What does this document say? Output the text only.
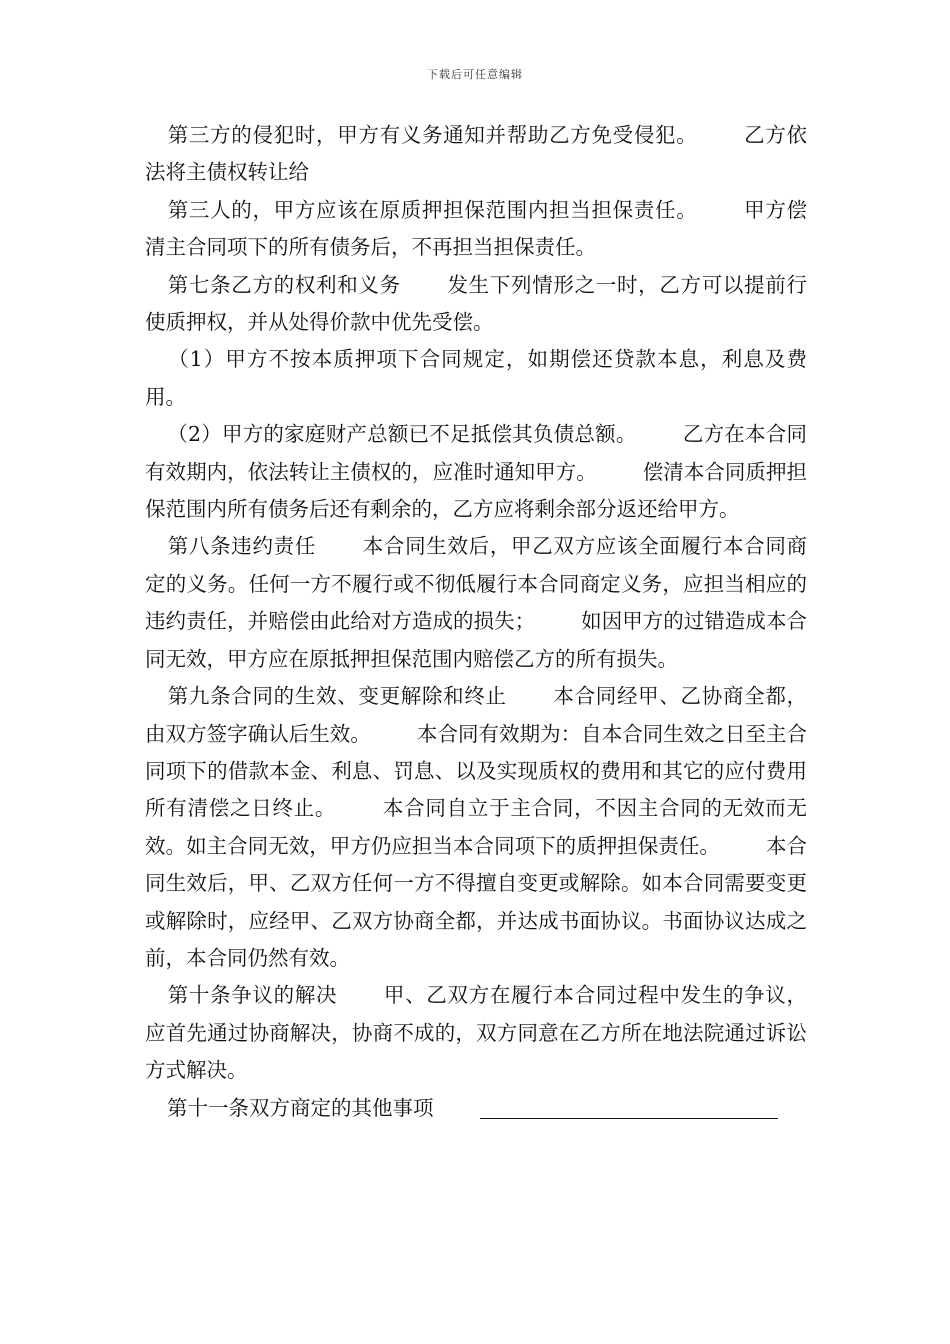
下载后可任意编辑

第三方的侵犯时，甲方有义务通知并帮助乙方免受侵犯。 乙方依法将主债权转让给

第三人的，甲方应该在原质押担保范围内担当担保责任。 甲方偿清主合同项下的所有债务后，不再担当担保责任。

第七条乙方的权利和义务 发生下列情形之一时，乙方可以提前行使质押权，并从处得价款中优先受偿。

（1）甲方不按本质押项下合同规定，如期偿还贷款本息，利息及费用。

（2）甲方的家庭财产总额已不足抵偿其负债总额。 乙方在本合同有效期内，依法转让主债权的，应准时通知甲方。 偿清本合同质押担保范围内所有债务后还有剩余的，乙方应将剩余部分返还给甲方。

第八条违约责任 本合同生效后，甲乙双方应该全面履行本合同商定的义务。任何一方不履行或不彻低履行本合同商定义务，应担当相应的违约责任，并赔偿由此给对方造成的损失； 如因甲方的过错造成本合同无效，甲方应在原抵押担保范围内赔偿乙方的所有损失。

第九条合同的生效、变更解除和终止 本合同经甲、乙协商全都，由双方签字确认后生效。 本合同有效期为：自本合同生效之日至主合同项下的借款本金、利息、罚息、以及实现质权的费用和其它的应付费用所有清偿之日终止。 本合同自立于主合同，不因主合同的无效而无效。如主合同无效，甲方仍应担当本合同项下的质押担保责任。 本合同生效后，甲、乙双方任何一方不得擅自变更或解除。如本合同需要变更或解除时，应经甲、乙双方协商全都，并达成书面协议。书面协议达成之前，本合同仍然有效。

第十条争议的解决 甲、乙双方在履行本合同过程中发生的争议，应首先通过协商解决，协商不成的，双方同意在乙方所在地法院通过诉讼方式解决。

第十一条双方商定的其他事项
